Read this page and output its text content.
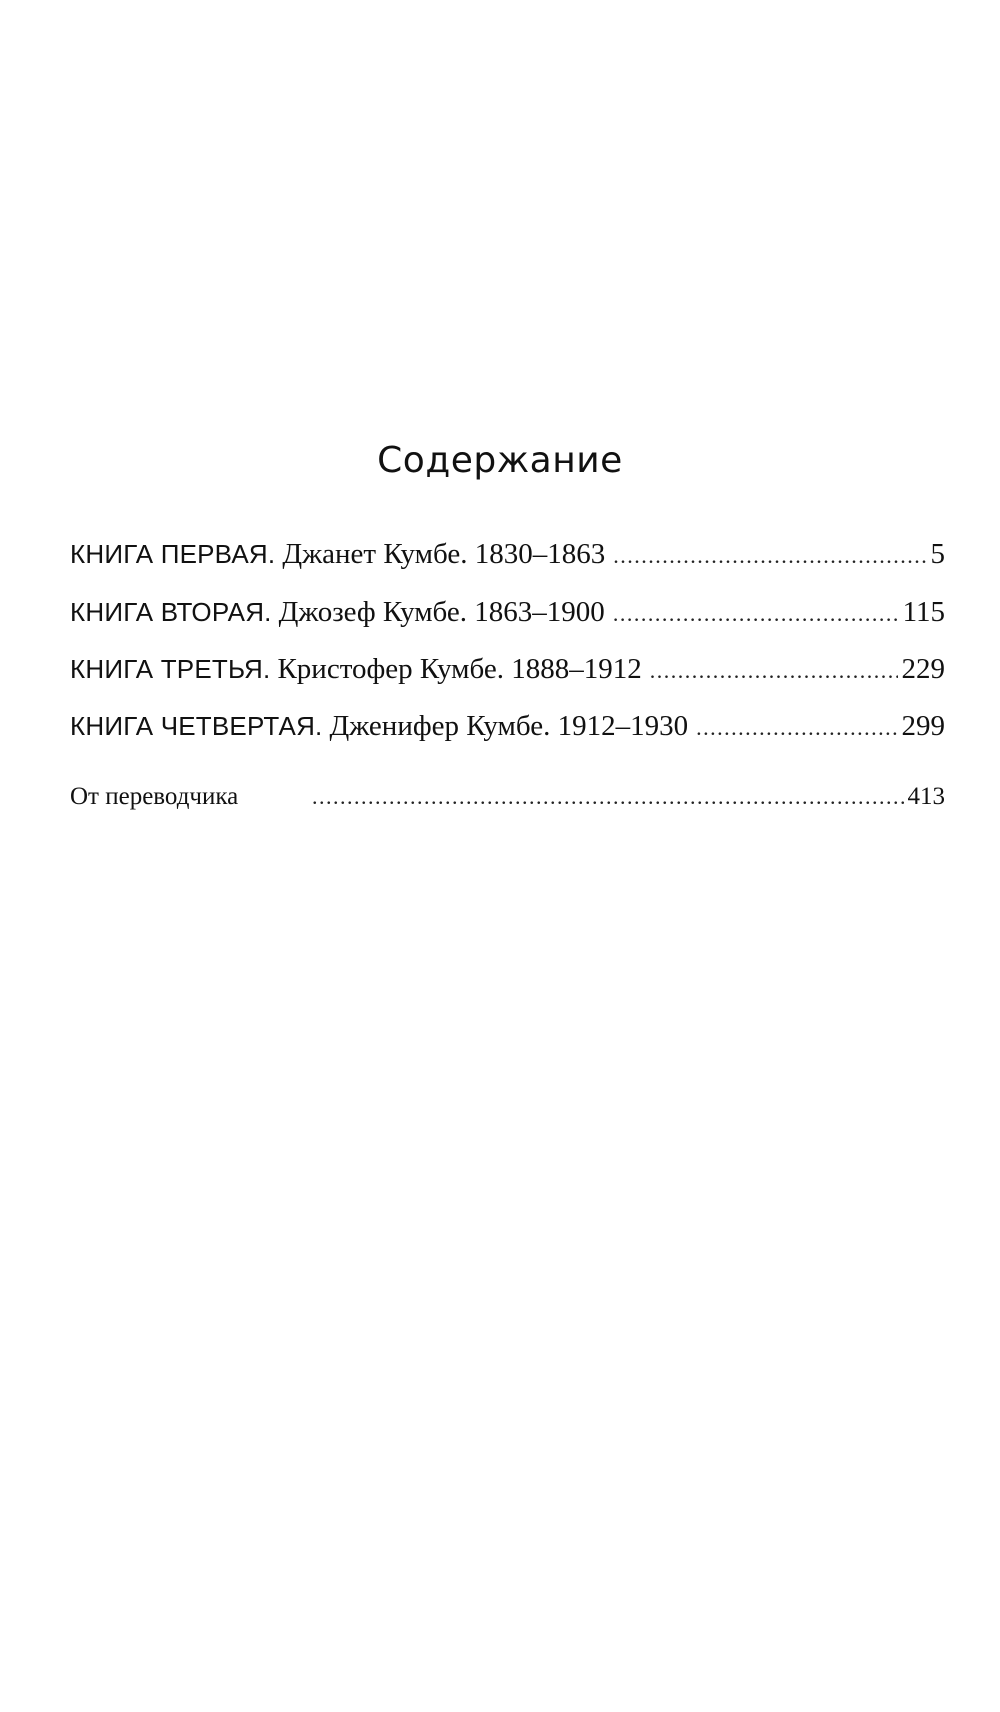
Содержание
КНИГА ПЕРВАЯ. Джанет Кумбе. 1830–1863 . . .	5
КНИГА ВТОРАЯ. Джозеф Кумбе. 1863–1900 . . .	115
КНИГА ТРЕТЬЯ. Кристофер Кумбе. 1888–1912 . . .	229
КНИГА ЧЕТВЕРТАЯ. Дженифер Кумбе. 1912–1930 . . .	299
От переводчика . . .	413
